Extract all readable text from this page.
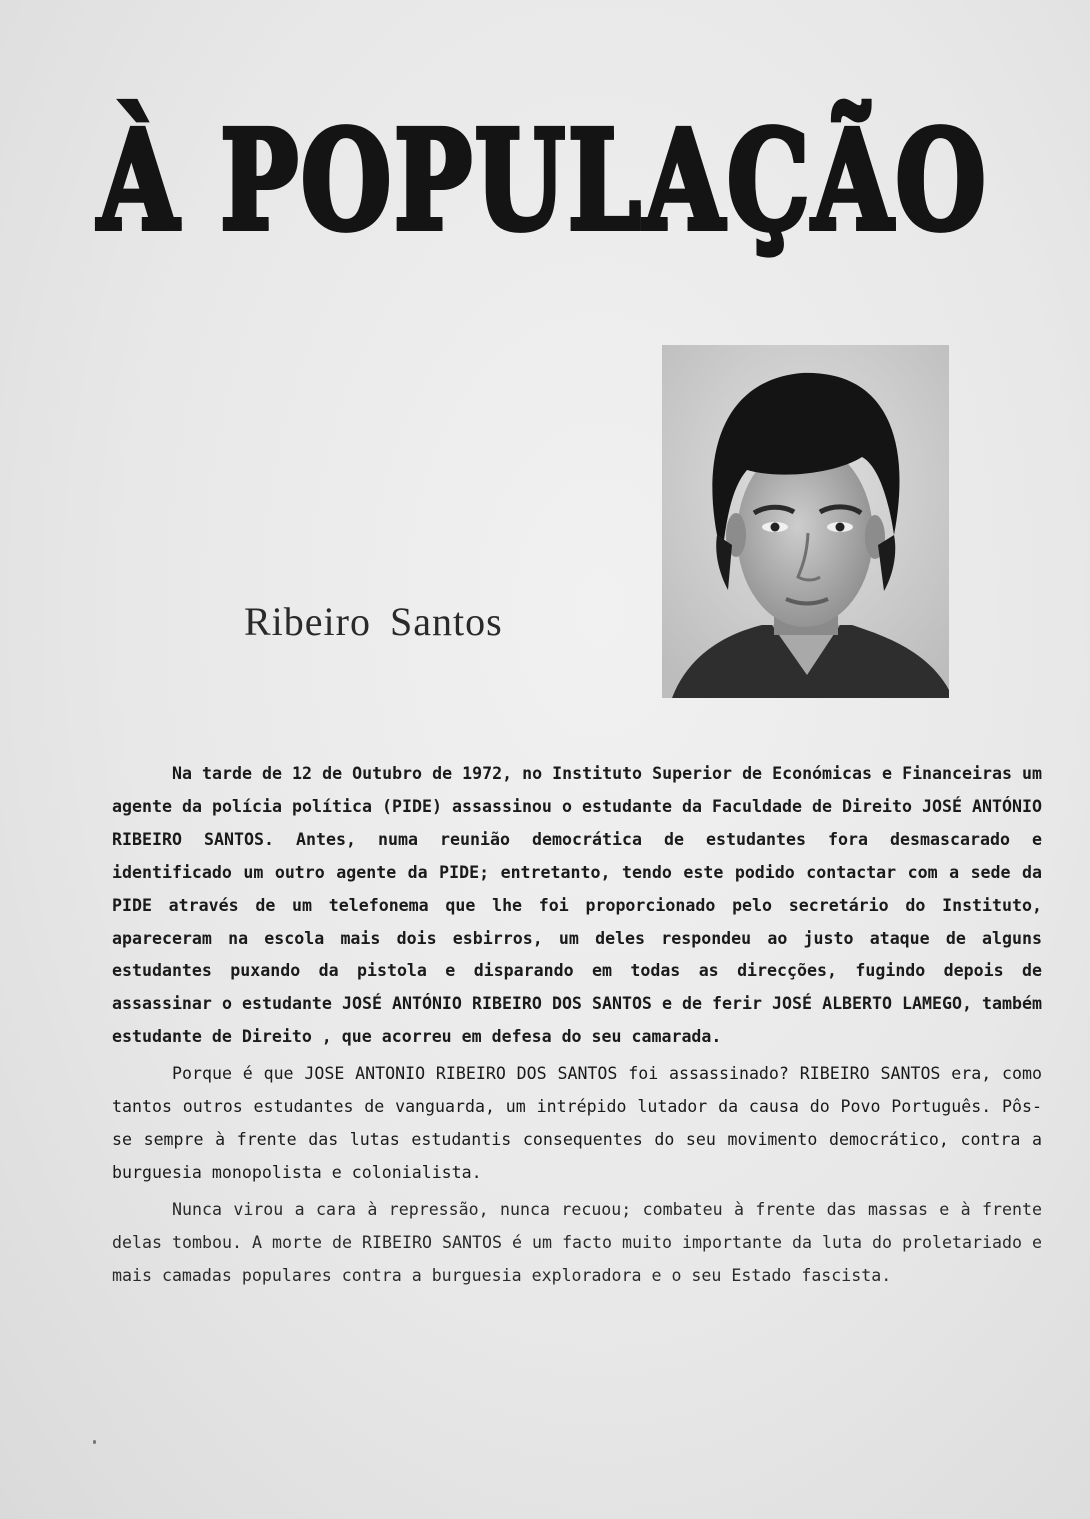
À POPULAÇÃO
Ribeiro Santos

Na tarde de 12 de Outubro de 1972, no Instituto Superior de Económicas e Financeiras um agente da polícia política (PIDE) assassinou o estudante da Faculdade de Direito JOSÉ ANTÓNIO RIBEIRO SANTOS. Antes, numa reunião democrática de estudantes fora desmascarado e identificado um outro agente da PIDE; entretanto, tendo este podido contactar com a sede da PIDE através de um telefonema que lhe foi proporcionado pelo secretário do Instituto, apareceram na escola mais dois esbirros, um deles respondeu ao justo ataque de alguns estudantes puxando da pistola e disparando em todas as direcções, fugindo depois de assassinar o estudante JOSÉ ANTÓNIO RIBEIRO DOS SANTOS e de ferir JOSÉ ALBERTO LAMEGO, também estudante de Direito , que acorreu em defesa do seu camarada.

Porque é que JOSE ANTONIO RIBEIRO DOS SANTOS foi assassinado? RIBEIRO SANTOS era, como tantos outros estudantes de vanguarda, um intrépido lutador da causa do Povo Português. Pôs-se sempre à frente das lutas estudantis consequentes do seu movimento democrático, contra a burguesia monopolista e colonialista.

Nunca virou a cara à repressão, nunca recuou; combateu à frente das massas e à frente delas tombou. A morte de RIBEIRO SANTOS é um facto muito importante da luta do proletariado e mais camadas populares contra a burguesia exploradora e o seu Estado fascista.
